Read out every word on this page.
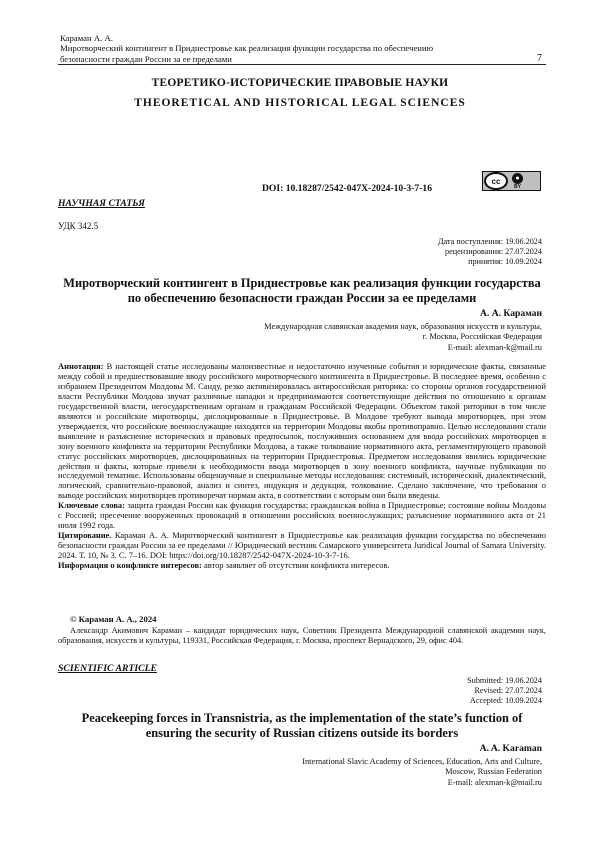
Караман А. А.
Миротворческий контингент в Приднестровье как реализация функции государства по обеспечению
безопасности граждан России за ее пределами	7
ТЕОРЕТИКО-ИСТОРИЧЕСКИЕ ПРАВОВЫЕ НАУКИ
THEORETICAL AND HISTORICAL LEGAL SCIENCES
DOI: 10.18287/2542-047X-2024-10-3-7-16
cc	●
BY
НАУЧНАЯ СТАТЬЯ
УДК 342.5
Дата поступления: 19.06.2024
рецензирования: 27.07.2024
принятия: 10.09.2024
Миротворческий контингент в Приднестровье как реализация функции государства по обеспечению безопасности граждан России за ее пределами
А. А. Караман
Международная славянская академия наук, образования искусств и культуры,
г. Москва, Российская Федерация
E-mail: alexman-k@mail.ru

Аннотация: В настоящей статье исследованы малоизвестные и недостаточно изученные события и юридические факты, связанные между собой и предшествовавшие вводу российского миротворческого контингента в Приднестровье. В последнее время, особенно с избранием Президентом Молдовы М. Санду, резко активизировалась антироссийская риторика: со стороны органов государственной власти Республики Молдова звучат различные нападки и предпринимаются соответствующие действия по отношению к органам государственной власти, негосударственным органам и гражданам Российской Федерации. Объектом такой риторики в том числе являются и российские миротворцы, дислоцированные в Приднестровье. В Молдове требуют вывода миротворцев, при этом утверждается, что российские военнослужащие находятся на территории Молдовы якобы противоправно. Целью исследования стали выявление и разъяснение исторических и правовых предпосылок, послуживших основанием для ввода российских миротворцев в зону военного конфликта на территории Республики Молдова, а также толкование нормативного акта, регламентирующего правовой статус российских миротворцев, дислоцированных на территории Приднестровья. Предметом исследования явились юридические действия и факты, которые привели к необходимости ввода миротворцев в зону военного конфликта, научные публикации по исследуемой тематике. Использованы общенаучные и специальные методы исследования: системный, исторический, диалектический, логический, сравнительно-правовой, анализ и синтез, индукция и дедукция, толкование. Сделано заключение, что требования о выводе российских миротворцев противоречат нормам акта, в соответствии с которым они были введены.

Ключевые слова: защита граждан России как функция государства; гражданская война в Приднестровье; состояние войны Молдовы с Россией; пресечение вооруженных провокаций в отношении российских военнослужащих; разъяснение нормативного акта от 21 июля 1992 года.

Цитирование. Караман А. А. Миротворческий контингент в Приднестровье как реализация функции государства по обеспечению безопасности граждан России за ее пределами // Юридический вестник Самарского университета Juridical Journal of Samara University. 2024. Т. 10, № 3. С. 7–16. DOI: https://doi.org/10.18287/2542-047X-2024-10-3-7-16.

Информация о конфликте интересов: автор заявляет об отсутствии конфликта интересов.

© Караман А. А., 2024
Александр Акимович Караман – кандидат юридических наук, Советник Президента Международной славянской академии наук, образования, искусств и культуры, 119331, Российская Федерация, г. Москва, проспект Вернадского, 29, офис 404.
SCIENTIFIC ARTICLE
Submitted: 19.06.2024
Revised: 27.07.2024
Accepted: 10.09.2024
Peacekeeping forces in Transnistria, as the implementation of the state’s function of ensuring the security of Russian citizens outside its borders
A. A. Karaman
International Slavic Academy of Sciences, Education, Arts and Culture,
Moscow, Russian Federation
E-mail: alexman-k@mail.ru
